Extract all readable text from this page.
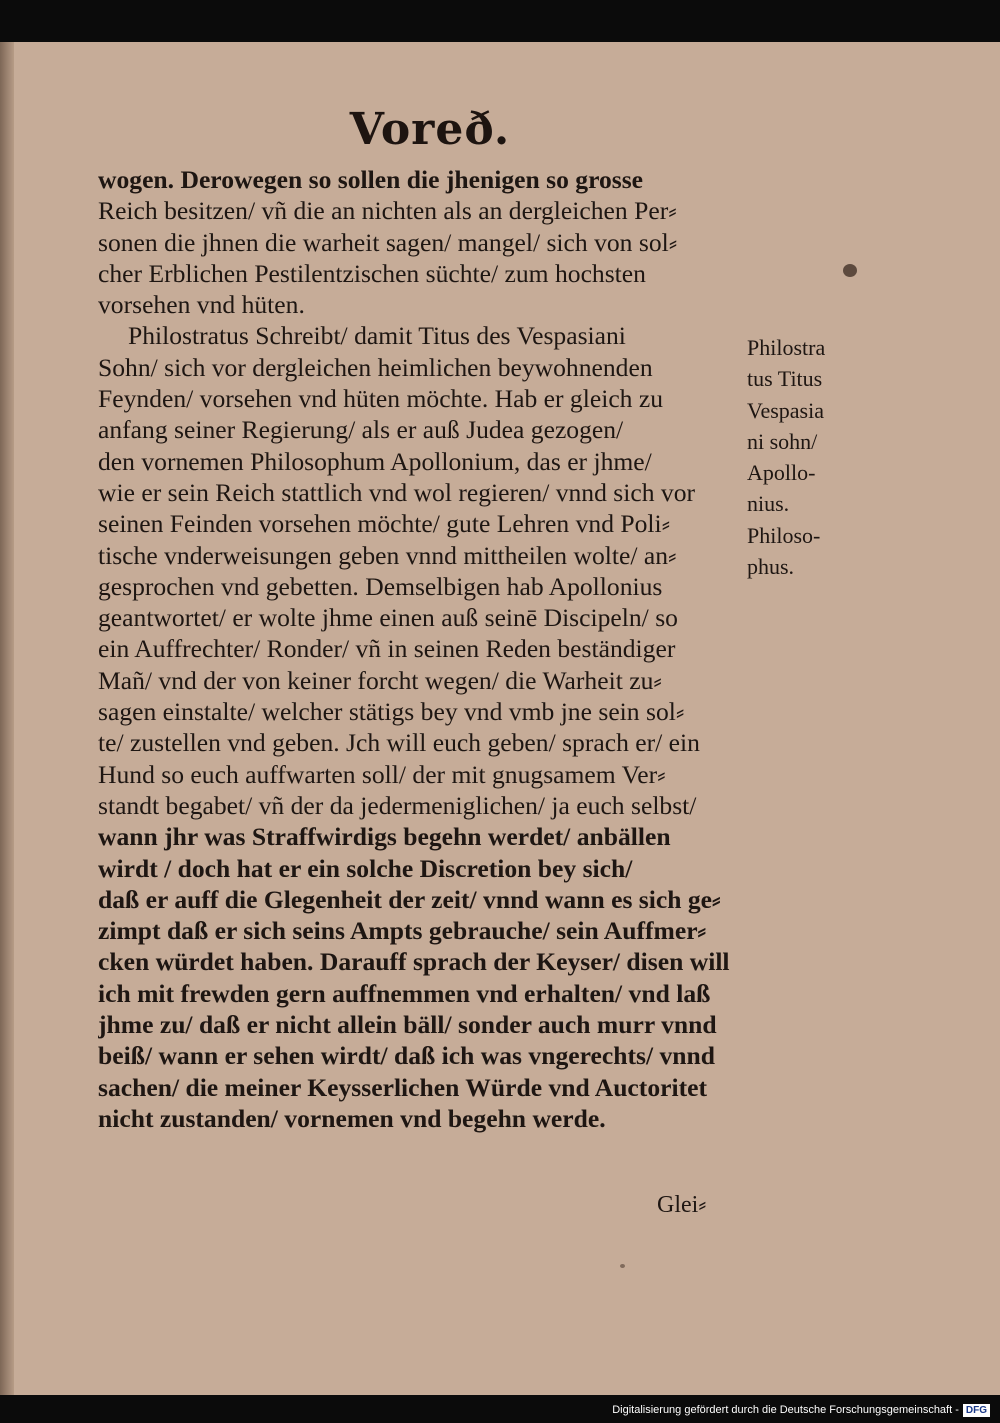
Voreð.
wogen. Derowegen so sollen die jhenigen so grosse
Reich besitzen/ vñ die an nichten als an dergleichen Per⸗
sonen die jhnen die warheit sagen/ mangel/ sich von sol⸗
cher Erblichen Pestilentzischen süchte/ zum hochsten
vorsehen vnd hüten.
Philostratus Schreibt/ damit Titus des Vespasiani
Sohn/ sich vor dergleichen heimlichen beywohnenden
Feynden/ vorsehen vnd hüten möchte. Hab er gleich zu
anfang seiner Regierung/ als er auß Judea gezogen/
den vornemen Philosophum Apollonium, das er jhme/
wie er sein Reich stattlich vnd wol regieren/ vnnd sich vor
seinen Feinden vorsehen möchte/ gute Lehren vnd Poli⸗
tische vnderweisungen geben vnnd mittheilen wolte/ an⸗
gesprochen vnd gebetten. Demselbigen hab Apollonius
geantwortet/ er wolte jhme einen auß seinē Discipeln/ so
ein Auffrechter/ Ronder/ vñ in seinen Reden beständiger
Mañ/ vnd der von keiner forcht wegen/ die Warheit zu⸗
sagen einstalte/ welcher stätigs bey vnd vmb jne sein sol⸗
te/ zustellen vnd geben. Jch will euch geben/ sprach er/ ein
Hund so euch auffwarten soll/ der mit gnugsamem Ver⸗
standt begabet/ vñ der da jedermeniglichen/ ja euch selbst/
wann jhr was Straffwirdigs begehn werdet/ anbällen
wirdt / doch hat er ein solche Discretion bey sich/
daß er auff die Glegenheit der zeit/ vnnd wann es sich ge⸗
zimpt daß er sich seins Ampts gebrauche/ sein Auffmer⸗
cken würdet haben. Darauff sprach der Keyser/ disen will
ich mit frewden gern auffnemmen vnd erhalten/ vnd laß
jhme zu/ daß er nicht allein bäll/ sonder auch murr vnnd
beiß/ wann er sehen wirdt/ daß ich was vngerechts/ vnnd
sachen/ die meiner Keysserlichen Würde vnd Auctoritet
nicht zustanden/ vornemen vnd begehn werde.
Philostra
tus Titus
Vespasia
ni sohn/
Apollo-
nius.
Philoso-
phus.
Glei⸗
Digitalisierung gefördert durch die Deutsche Forschungsgemeinschaft - DFG
